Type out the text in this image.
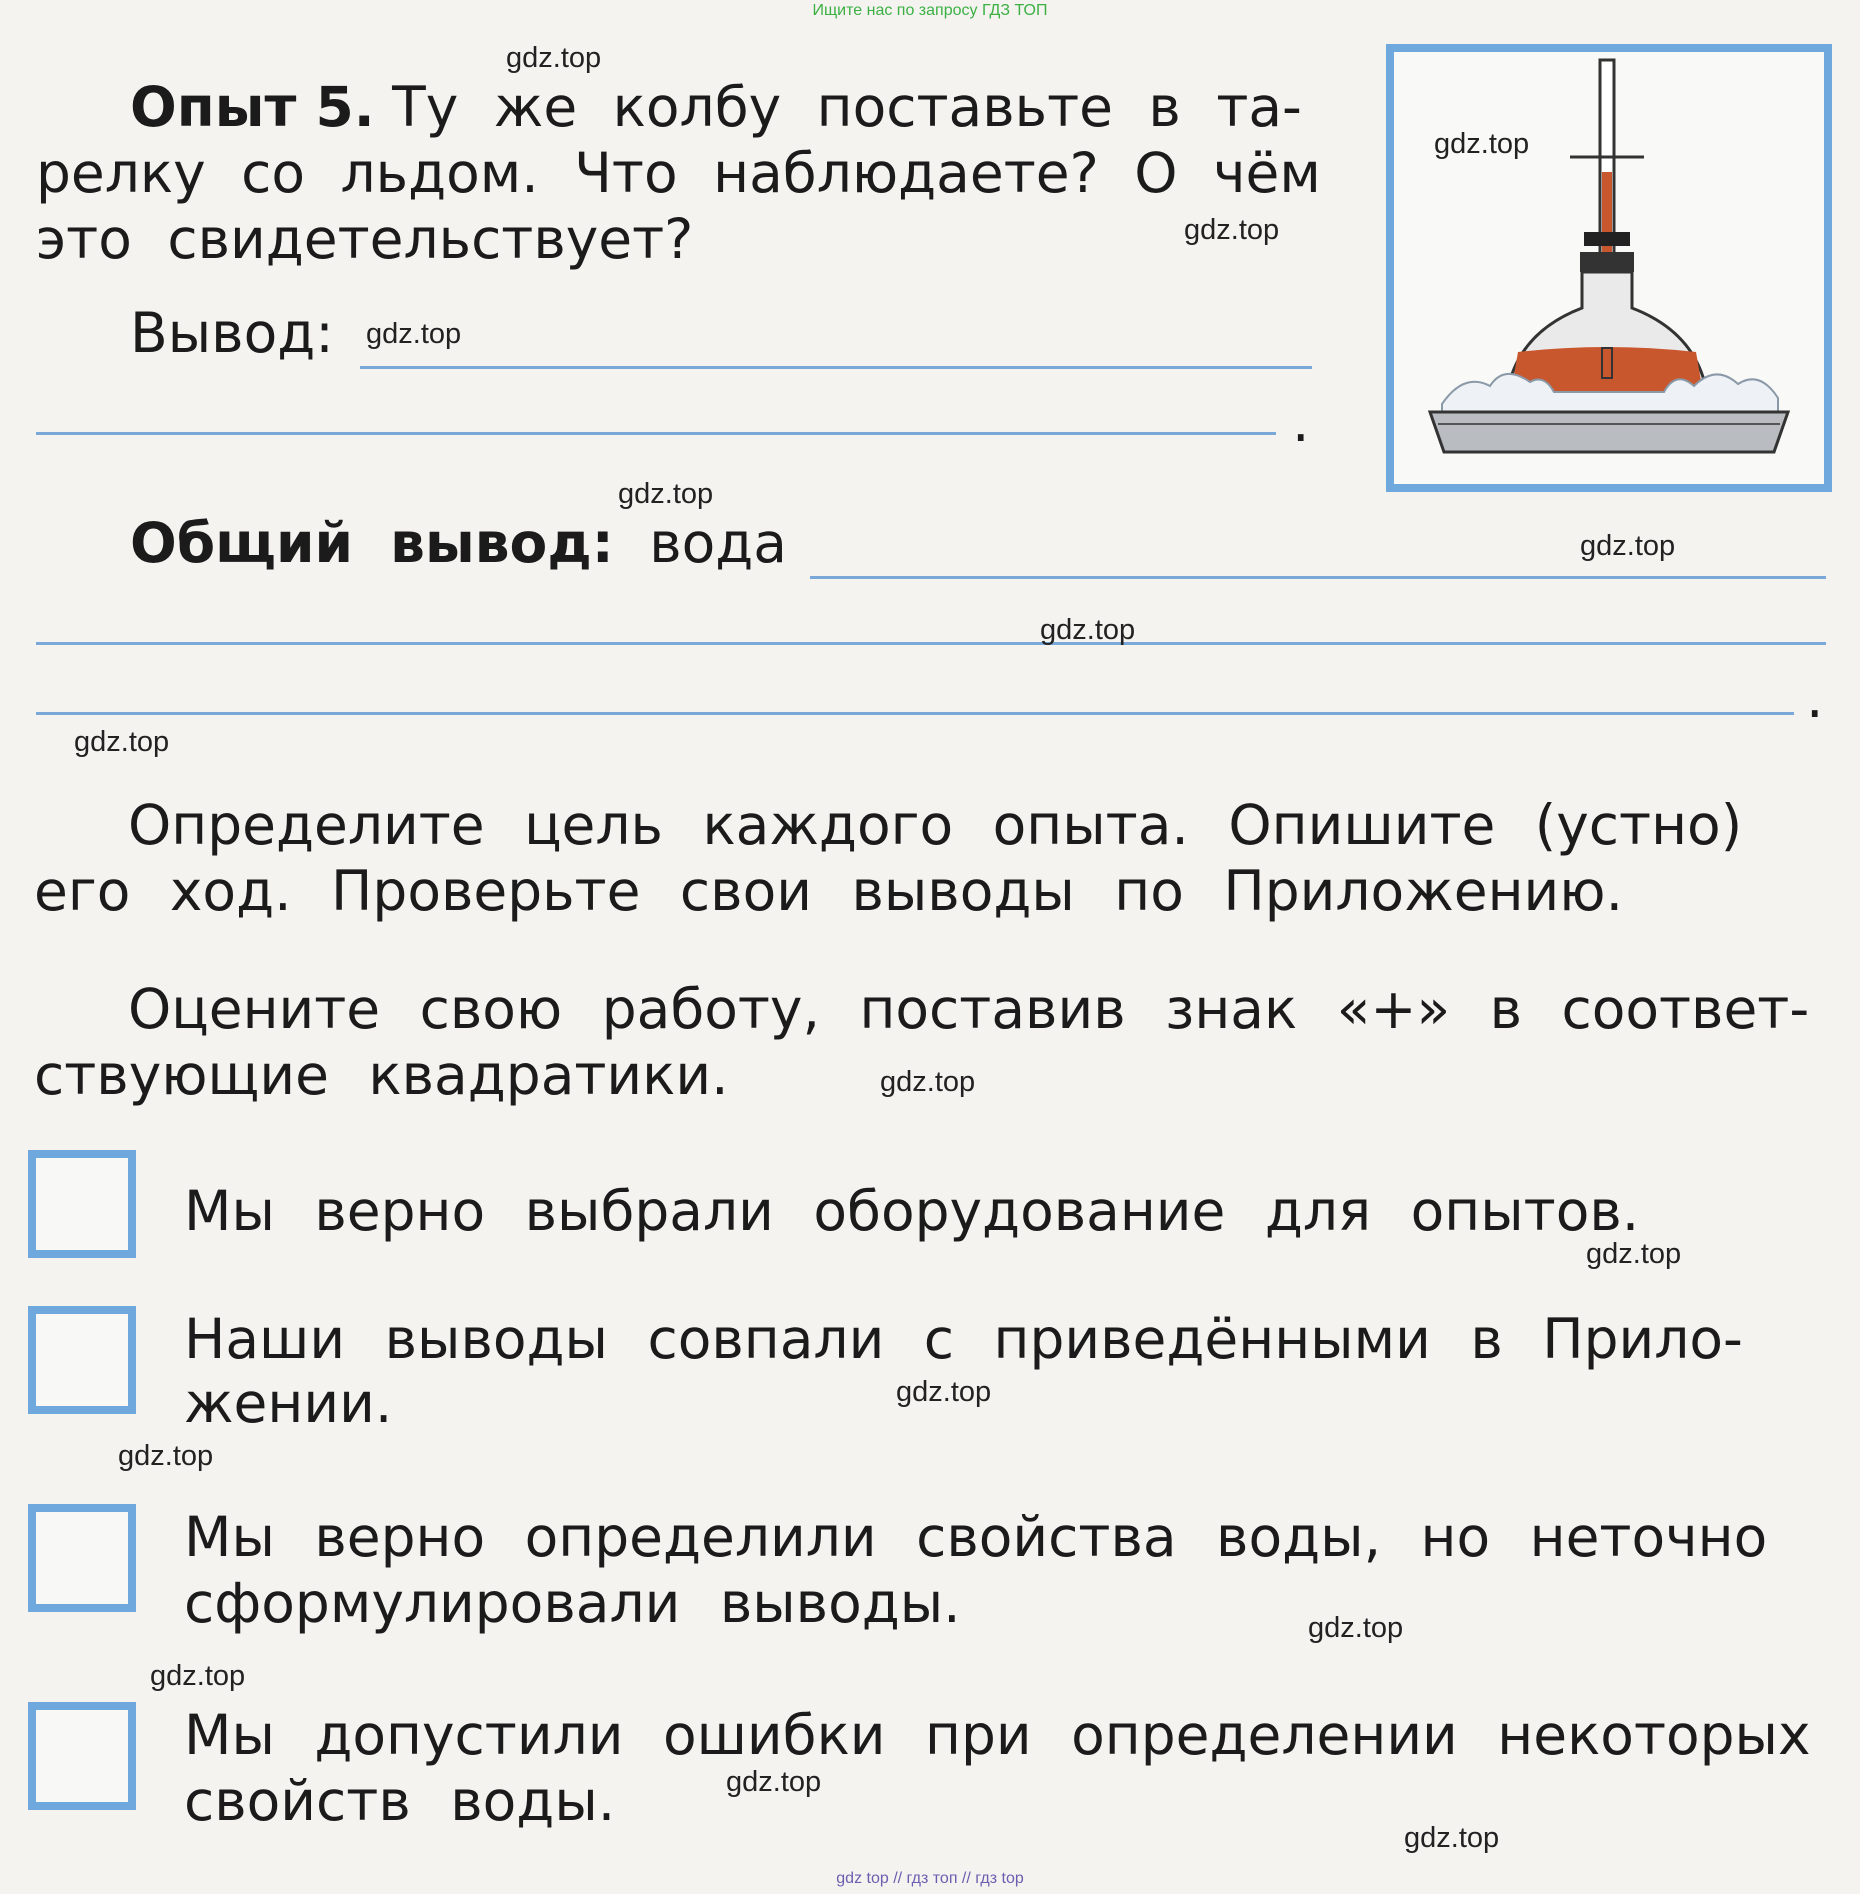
Ищите нас по запросу ГДЗ ТОП
gdz top // гдз топ // гдз top
Опыт 5. Ту же колбу поставьте в та-
релку со льдом. Что наблюдаете? О чём
это свидетельствует?
Вывод:
.
Общий вывод: вода
.
Определите цель каждого опыта. Опишите (устно)
его ход. Проверьте свои выводы по Приложению.
Оцените свою работу, поставив знак «+» в соответ-
ствующие квадратики.
Мы верно выбрали оборудование для опытов.
Наши выводы совпали с приведёнными в Прило-
жении.
Мы верно определили свойства воды, но неточно
сформулировали выводы.
Мы допустили ошибки при определении некоторых
свойств воды.
gdz.top
gdz.top
gdz.top
gdz.top
gdz.top
gdz.top
gdz.top
gdz.top
gdz.top
gdz.top
gdz.top
gdz.top
gdz.top
gdz.top
gdz.top
gdz.top
